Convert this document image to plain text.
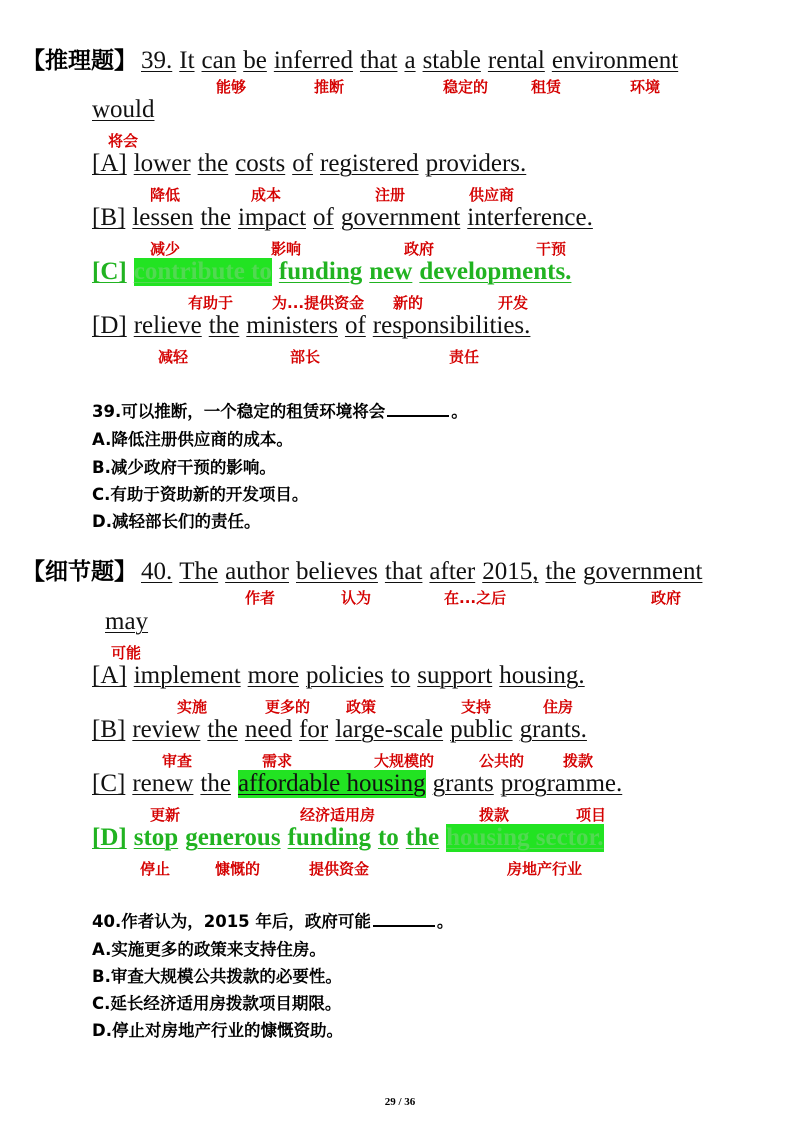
【推理题】 39. It can be inferred that a stable rental environment
能够	推断	稳定的	租赁	环境
would
将会
[A] lower the costs of registered providers.
降低	成本	注册	供应商
[B] lessen the impact of government interference.
减少	影响	政府	干预
[C] contribute to funding new developments.
有助于	为...提供资金 新的	开发
[D] relieve the ministers of responsibilities.
减轻	部长	责任
39.可以推断，一个稳定的租赁环境将会	。
A.降低注册供应商的成本。
B.减少政府干预的影响。
C.有助于资助新的开发项目。
D.减轻部长们的责任。
【细节题】 40. The author believes that after 2015, the government
作者	认为	在...之后	政府
may
可能
[A] implement more policies to support housing.
实施	更多的 政策	支持	住房
[B] review the need for large-scale public grants.
审查	需求	大规模的	公共的	拨款
[C] renew the affordable housing grants programme.
更新	经济适用房	拨款	项目
[D] stop generous funding to the housing sector.
停止	慷慨的	提供资金	房地产行业
40.作者认为，2015 年后，政府可能	。
A.实施更多的政策来支持住房。
B.审查大规模公共拨款的必要性。
C.延长经济适用房拨款项目期限。
D.停止对房地产行业的慷慨资助。
29 / 36
